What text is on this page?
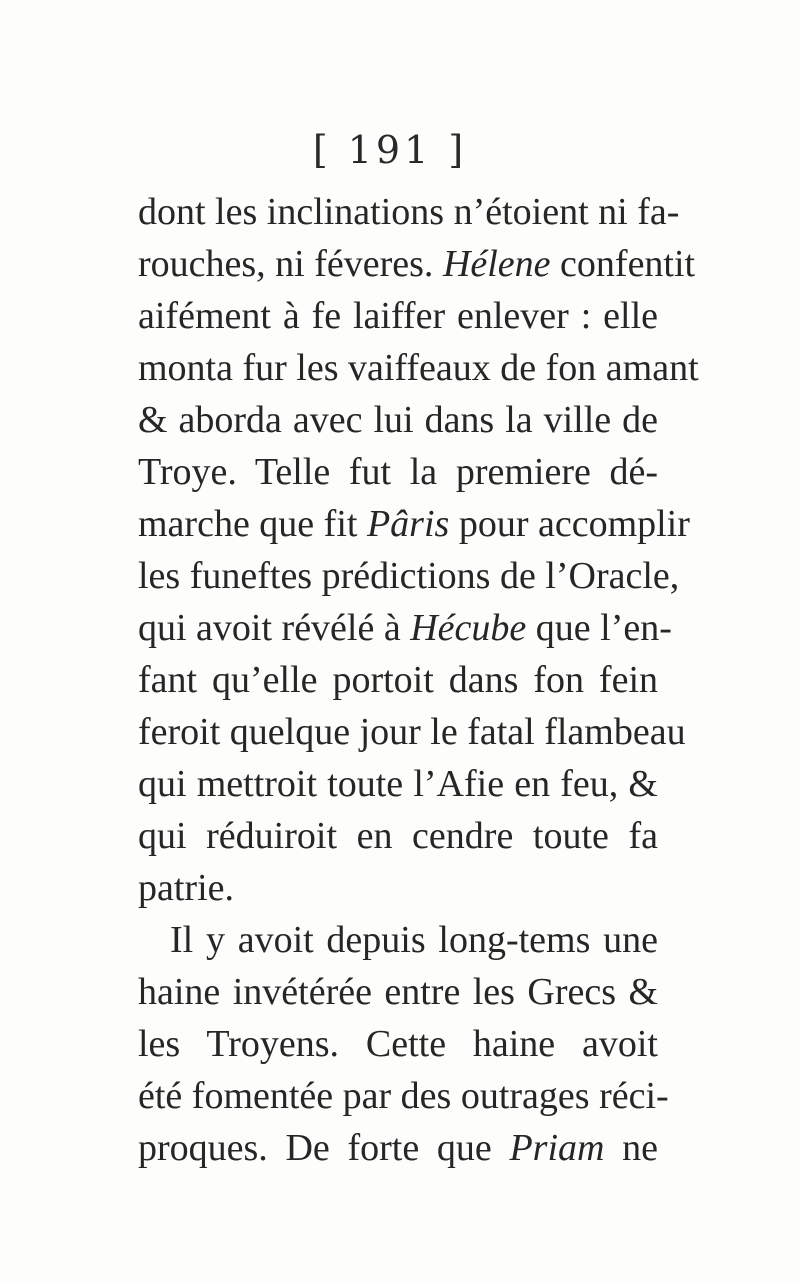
[ 191 ]
dont les inclinations n’étoient ni fa-
rouches, ni féveres. Hélene confentit
aifément à fe laiffer enlever : elle
monta fur les vaiffeaux de fon amant
& aborda avec lui dans la ville de
Troye. Telle fut la premiere dé-
marche que fit Pâris pour accomplir
les funeftes prédictions de l’Oracle,
qui avoit révélé à Hécube que l’en-
fant qu’elle portoit dans fon fein
feroit quelque jour le fatal flambeau
qui mettroit toute l’Afie en feu, &
qui réduiroit en cendre toute fa
patrie.
Il y avoit depuis long-tems une
haine invétérée entre les Grecs &
les Troyens. Cette haine avoit
été fomentée par des outrages réci-
proques. De forte que Priam ne
